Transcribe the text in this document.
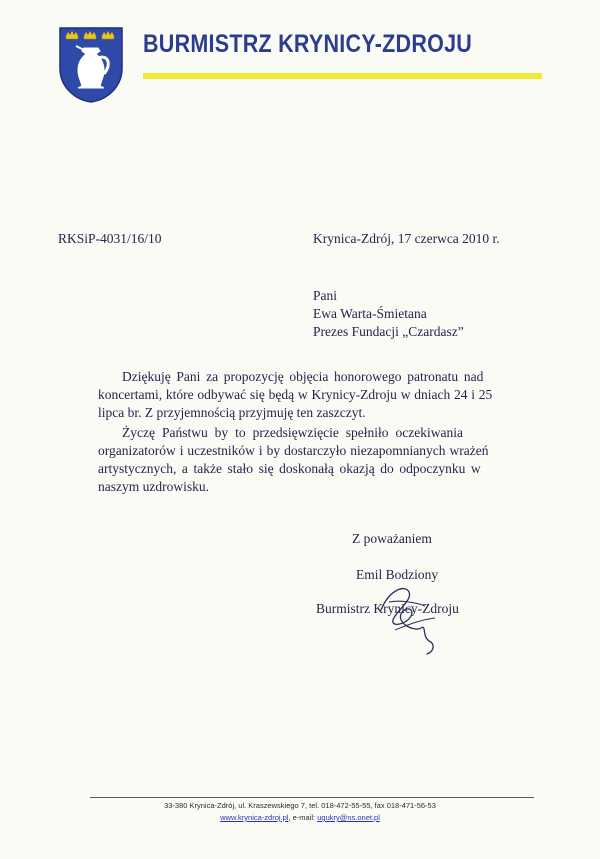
BURMISTRZ KRYNICY-ZDROJU
RKSiP-4031/16/10	Krynica-Zdrój, 17 czerwca 2010 r.
Pani
Ewa Warta-Śmietana
Prezes Fundacji „Czardasz”
Dziękuję Pani za propozycję objęcia honorowego patronatu nad
koncertami, które odbywać się będą w Krynicy-Zdroju w dniach 24 i 25
lipca br. Z przyjemnością przyjmuję ten zaszczyt.
Życzę Państwu by to przedsięwzięcie spełniło oczekiwania
organizatorów i uczestników i by dostarczyło niezapomnianych wrażeń
artystycznych, a także stało się doskonałą okazją do odpoczynku w
naszym uzdrowisku.
Z poważaniem
Emil Bodziony
Burmistrz Krynicy-Zdroju
33-380 Krynica-Zdrój, ul. Kraszewskiego 7, tel. 018-472-55-55, fax 018-471-56-53
www.krynica-zdroj.pl, e-mail: ugukry@ns.onet.pl
